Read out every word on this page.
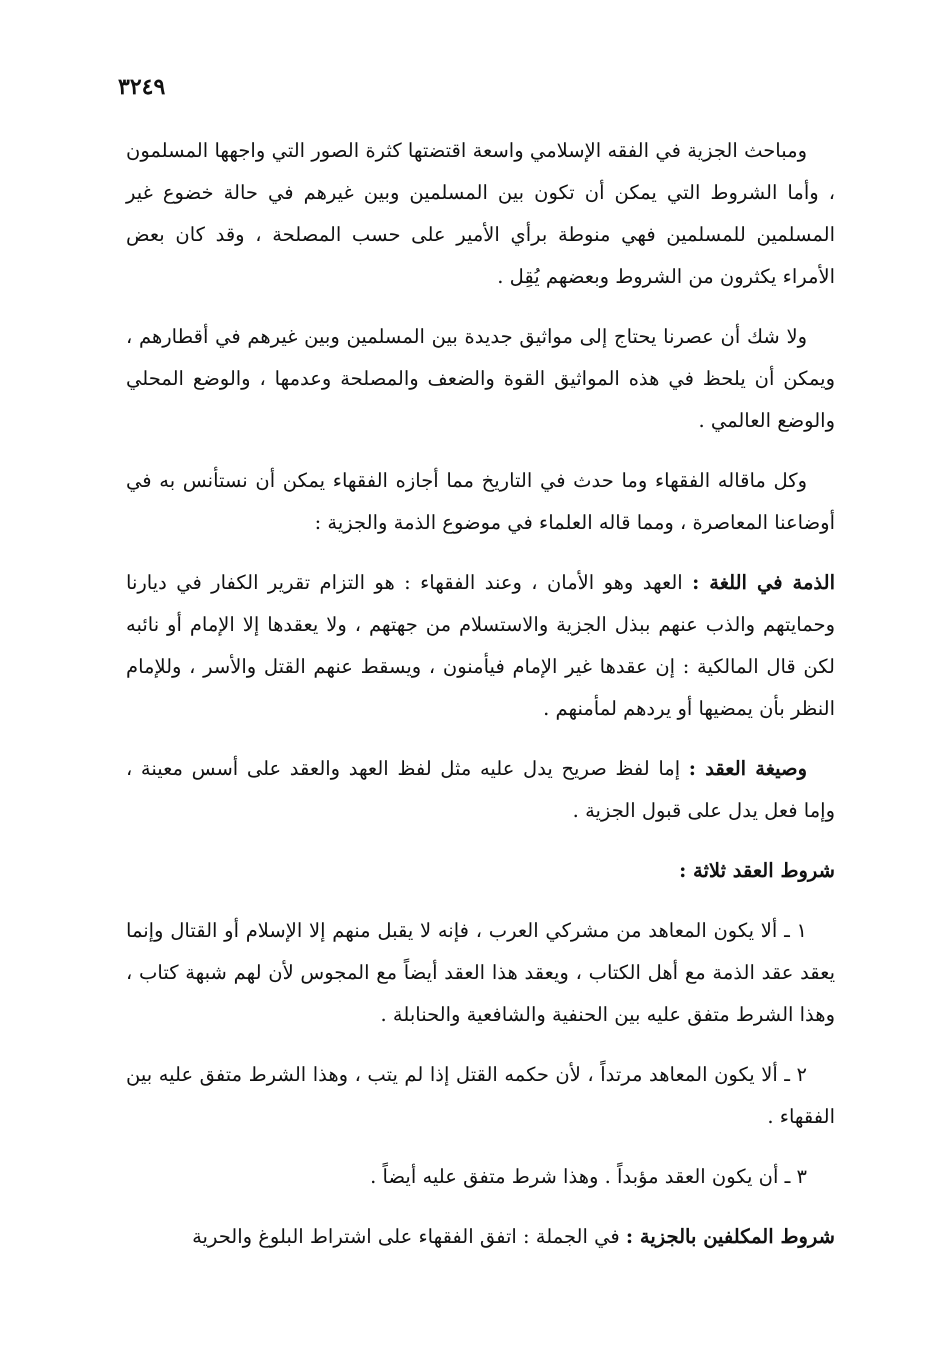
٣٢٤٩

ومباحث الجزية في الفقه الإسلامي واسعة اقتضتها كثرة الصور التي واجهها المسلمون ، وأما الشروط التي يمكن أن تكون بين المسلمين وبين غيرهم في حالة خضوع غير المسلمين للمسلمين فهي منوطة برأي الأمير على حسب المصلحة ، وقد كان بعض الأمراء يكثرون من الشروط وبعضهم يُقِل .

ولا شك أن عصرنا يحتاج إلى مواثيق جديدة بين المسلمين وبين غيرهم في أقطارهم ، ويمكن أن يلحظ في هذه المواثيق القوة والضعف والمصلحة وعدمها ، والوضع المحلي والوضع العالمي .

وكل ماقاله الفقهاء وما حدث في التاريخ مما أجازه الفقهاء يمكن أن نستأنس به في أوضاعنا المعاصرة ، ومما قاله العلماء في موضوع الذمة والجزية :

الذمة في اللغة : العهد وهو الأمان ، وعند الفقهاء : هو التزام تقرير الكفار في ديارنا وحمايتهم والذب عنهم ببذل الجزية والاستسلام من جهتهم ، ولا يعقدها إلا الإمام أو نائبه لكن قال المالكية : إن عقدها غير الإمام فيأمنون ، ويسقط عنهم القتل والأسر ، وللإمام النظر بأن يمضيها أو يردهم لمأمنهم .

وصيغة العقد : إما لفظ صريح يدل عليه مثل لفظ العهد والعقد على أسس معينة ، وإما فعل يدل على قبول الجزية .

شروط العقد ثلاثة :

١ ـ ألا يكون المعاهد من مشركي العرب ، فإنه لا يقبل منهم إلا الإسلام أو القتال وإنما يعقد عقد الذمة مع أهل الكتاب ، ويعقد هذا العقد أيضاً مع المجوس لأن لهم شبهة كتاب ، وهذا الشرط متفق عليه بين الحنفية والشافعية والحنابلة .

٢ ـ ألا يكون المعاهد مرتداً ، لأن حكمه القتل إذا لم يتب ، وهذا الشرط متفق عليه بين الفقهاء .

٣ ـ أن يكون العقد مؤبداً . وهذا شرط متفق عليه أيضاً .

شروط المكلفين بالجزية : في الجملة : اتفق الفقهاء على اشتراط البلوغ والحرية
